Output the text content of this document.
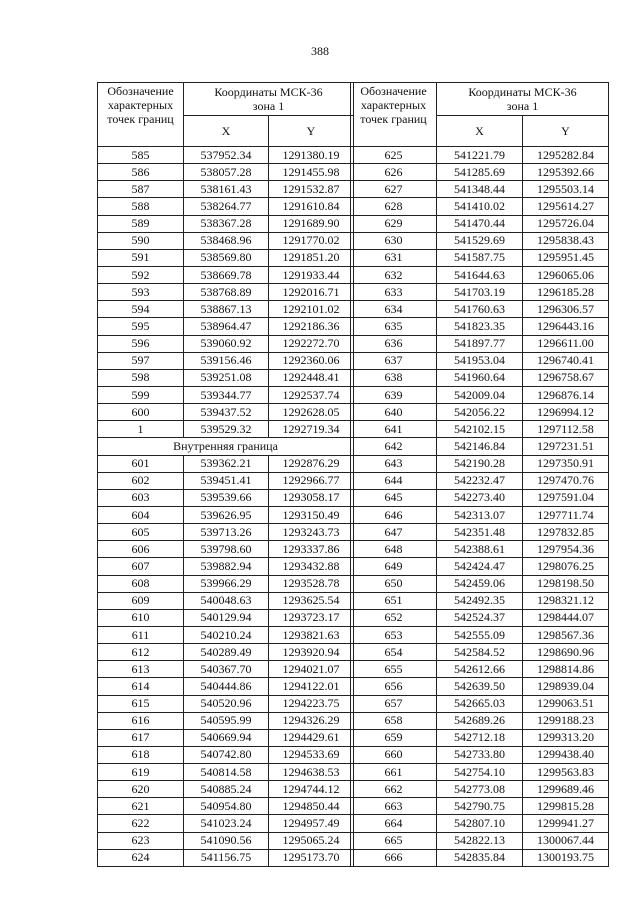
388
Обозначение характерных точек границ	Координаты МСК-36
зона 1	
	X	Y
585	537952.34	1291380.19
586	538057.28	1291455.98
587	538161.43	1291532.87
588	538264.77	1291610.84
589	538367.28	1291689.90
590	538468.96	1291770.02
591	538569.80	1291851.20
592	538669.78	1291933.44
593	538768.89	1292016.71
594	538867.13	1292101.02
595	538964.47	1292186.36
596	539060.92	1292272.70
597	539156.46	1292360.06
598	539251.08	1292448.41
599	539344.77	1292537.74
600	539437.52	1292628.05
1	539529.32	1292719.34
Внутренняя граница		
601	539362.21	1292876.29
602	539451.41	1292966.77
603	539539.66	1293058.17
604	539626.95	1293150.49
605	539713.26	1293243.73
606	539798.60	1293337.86
607	539882.94	1293432.88
608	539966.29	1293528.78
609	540048.63	1293625.54
610	540129.94	1293723.17
611	540210.24	1293821.63
612	540289.49	1293920.94
613	540367.70	1294021.07
614	540444.86	1294122.01
615	540520.96	1294223.75
616	540595.99	1294326.29
617	540669.94	1294429.61
618	540742.80	1294533.69
619	540814.58	1294638.53
620	540885.24	1294744.12
621	540954.80	1294850.44
622	541023.24	1294957.49
623	541090.56	1295065.24
624	541156.75	1295173.70
Обозначение характерных точек границ	Координаты МСК-36
зона 1	
	X	Y
625	541221.79	1295282.84
626	541285.69	1295392.66
627	541348.44	1295503.14
628	541410.02	1295614.27
629	541470.44	1295726.04
630	541529.69	1295838.43
631	541587.75	1295951.45
632	541644.63	1296065.06
633	541703.19	1296185.28
634	541760.63	1296306.57
635	541823.35	1296443.16
636	541897.77	1296611.00
637	541953.04	1296740.41
638	541960.64	1296758.67
639	542009.04	1296876.14
640	542056.22	1296994.12
641	542102.15	1297112.58
642	542146.84	1297231.51
643	542190.28	1297350.91
644	542232.47	1297470.76
645	542273.40	1297591.04
646	542313.07	1297711.74
647	542351.48	1297832.85
648	542388.61	1297954.36
649	542424.47	1298076.25
650	542459.06	1298198.50
651	542492.35	1298321.12
652	542524.37	1298444.07
653	542555.09	1298567.36
654	542584.52	1298690.96
655	542612.66	1298814.86
656	542639.50	1298939.04
657	542665.03	1299063.51
658	542689.26	1299188.23
659	542712.18	1299313.20
660	542733.80	1299438.40
661	542754.10	1299563.83
662	542773.08	1299689.46
663	542790.75	1299815.28
664	542807.10	1299941.27
665	542822.13	1300067.44
666	542835.84	1300193.75
